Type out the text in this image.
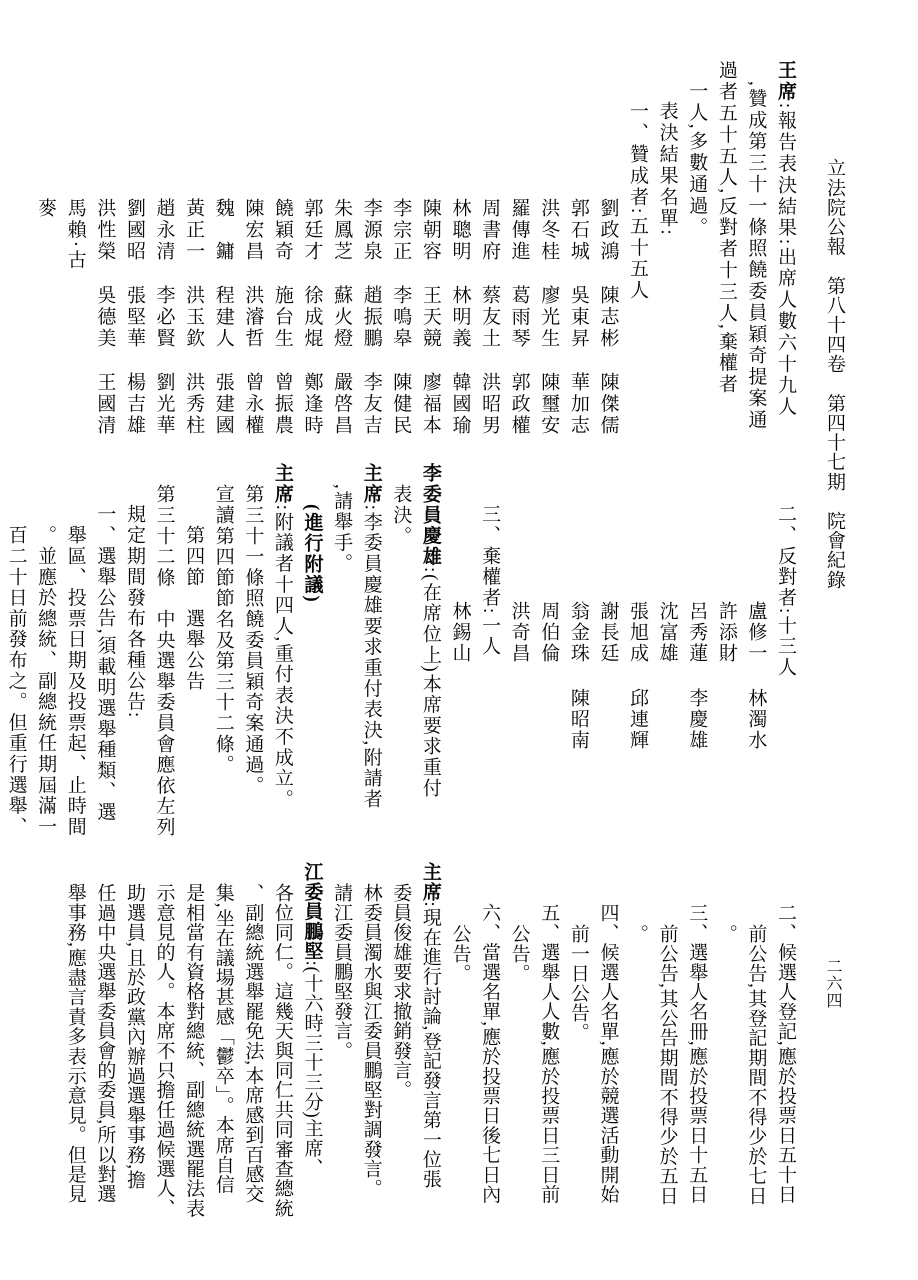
立法院公報　第八十四卷　第四十七期　院會紀錄
二六四
王席:報告表決結果:出席人數六十九人
,贊成第三十一條照饒委員穎奇提案通
過者五十五人,反對者十三人,棄權者
一人,多數通過。
表決結果名單:
一、贊成者:五十五人
劉政鴻陳志彬陳傑儒
郭石城吳東昇華加志
洪冬桂廖光生陳璽安
羅傳進葛雨琴郭政權
周書府蔡友土洪昭男
林聰明林明義韓國瑜
陳朝容王天競廖福本
李宗正李鳴皋陳健民
李源泉趙振鵬李友吉
朱鳳芝蘇火燈嚴啓昌
郭廷才徐成焜鄭逢時
饒穎奇施台生曾振農
陳宏昌洪濬哲曾永權
魏　鏞程建人張建國
黃正一洪玉欽洪秀柱
趙永清李必賢劉光華
劉國昭張堅華楊吉雄
洪性榮吳德美王國清
馬賴·古麥
二、反對者:十三人
盧修一林濁水許添財
呂秀蓮李慶雄沈富雄
張旭成邱連輝謝長廷
翁金珠陳昭南周伯倫
洪奇昌
三、棄權者:一人
林錫山
李委員慶雄:(在席位上)本席要求重付
表決。
主席:李委員慶雄要求重付表決,附請者
,請舉手。
(進行附議)
主席:附議者十四人,重付表決不成立。
第三十一條照饒委員穎奇案通過。
宣讀第四節節名及第三十二條。
第四節　選舉公告
第三十二條　中央選舉委員會應依左列
規定期間發布各種公告:
一、選舉公告,須載明選舉種類、選
舉區、投票日期及投票起、止時間
。並應於總統、副總統任期屆滿一
百二十日前發布之。但重行選舉、
二、候選人登記,應於投票日五十日
前公告,其登記期間不得少於七日
。
三、選舉人名冊,應於投票日十五日
前公告,其公告期間不得少於五日
。
四、候選人名單,應於競選活動開始
前一日公告。
五、選舉人人數,應於投票日三日前
公告。
六、當選名單,應於投票日後七日內
公告。
主席:現在進行討論,登記發言第一位張
委員俊雄要求撤銷發言。
林委員濁水與江委員鵬堅對調發言。
請江委員鵬堅發言。
江委員鵬堅:(十六時三十三分)主席、
各位同仁。這幾天與同仁共同審查總統
、副總統選舉罷免法,本席感到百感交
集,坐在議場甚感「鬱卒」。本席自信
是相當有資格對總統、副總統選罷法表
示意見的人。本席不只擔任過候選人、
助選員,且於政黨內辦過選舉事務,擔
任過中央選舉委員會的委員,所以對選
舉事務,應盡言責多表示意見。但是見
